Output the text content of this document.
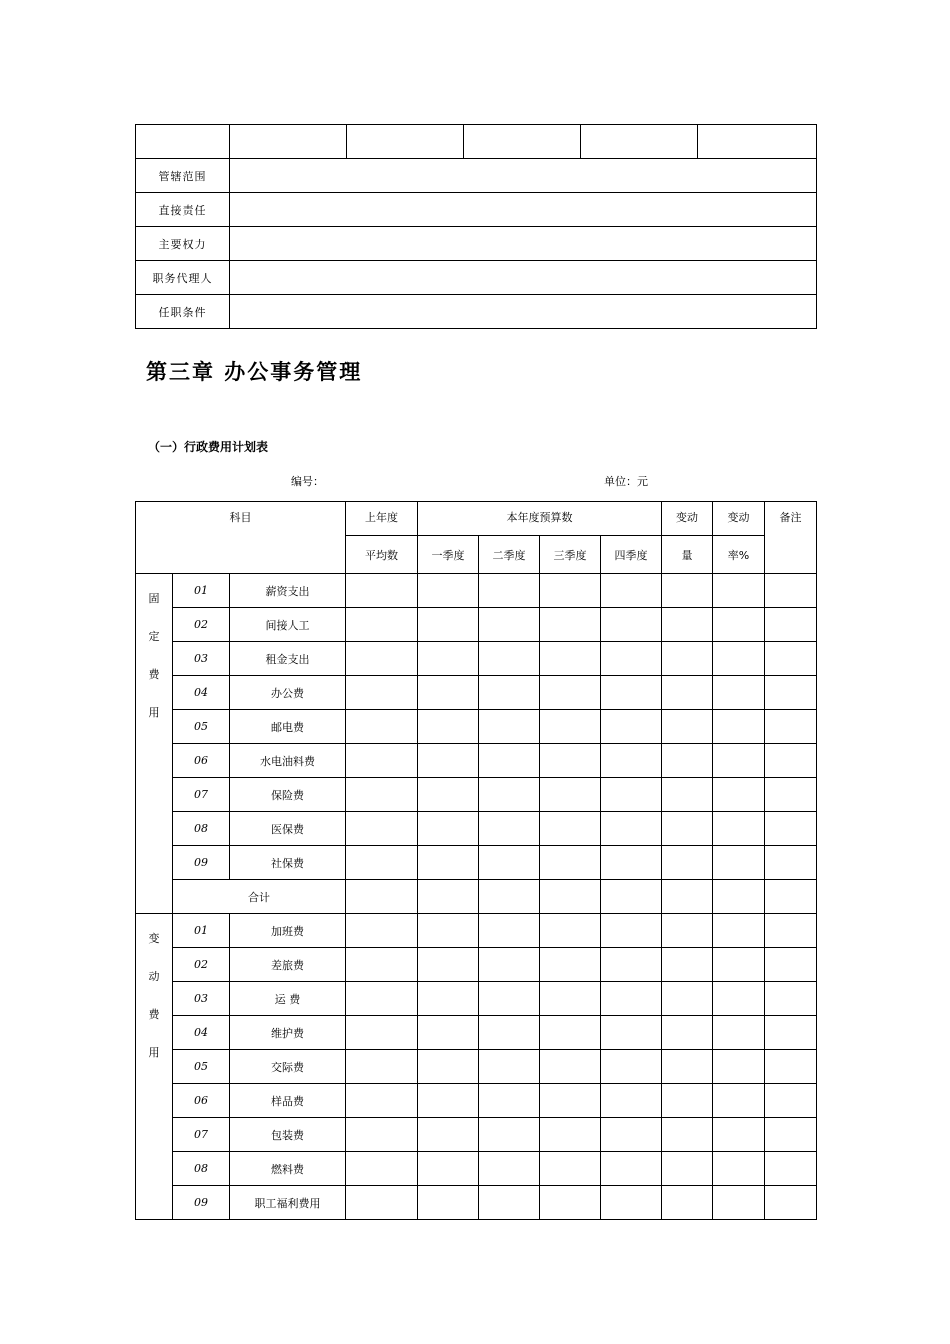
管辖范围					
直接责任					
主要权力					
职务代理人					
任职条件					
第三章 办公事务管理
（一）行政费用计划表
编号：	单位：元
科目			上年度	本年度预算数				变动	变动	备注
			平均数	一季度	二季度	三季度	四季度	量	率%	

固
定
费
用	01	薪资支出								
	02	间接人工								
	03	租金支出								
	04	办公费								
	05	邮电费								
	06	水电油料费								
	07	保险费								
	08	医保费								
	09	社保费								
	合计									

变
动
费
用	01	加班费								
	02	差旅费								
	03	运 费								
	04	维护费								
	05	交际费								
	06	样品费								
	07	包装费								
	08	燃料费								
	09	职工福利费用								
